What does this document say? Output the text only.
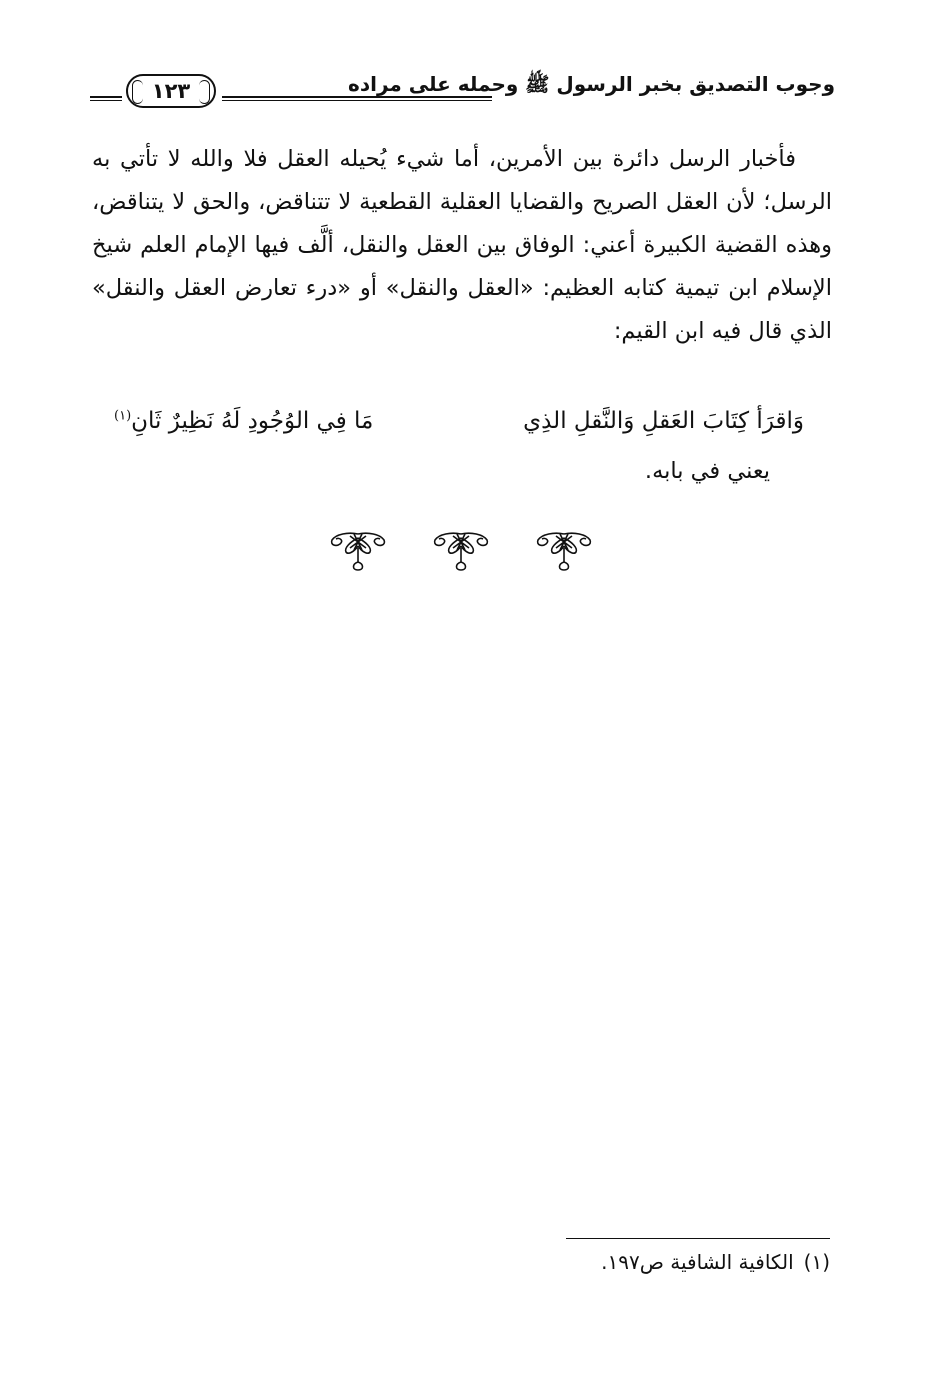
١٢٣	وجوب التصديق بخبر الرسول ﷺ وحمله على مراده

فأخبار الرسل دائرة بين الأمرين، أما شيء يُحيله العقل فلا والله لا تأتي به الرسل؛ لأن العقل الصريح والقضايا العقلية القطعية لا تتناقض، والحق لا يتناقض، وهذه القضية الكبيرة أعني: الوفاق بين العقل والنقل، ألَّف فيها الإمام العلم شيخ الإسلام ابن تيمية كتابه العظيم: «العقل والنقل» أو «درء تعارض العقل والنقل» الذي قال فيه ابن القيم:

وَاقرَأ كِتَابَ العَقلِ وَالنَّقلِ الذِي
مَا فِي الوُجُودِ لَهُ نَظِيرٌ ثَانِ$^{(١)}$
يعني في بابه.
(١)الكافية الشافية ص١٩٧.
